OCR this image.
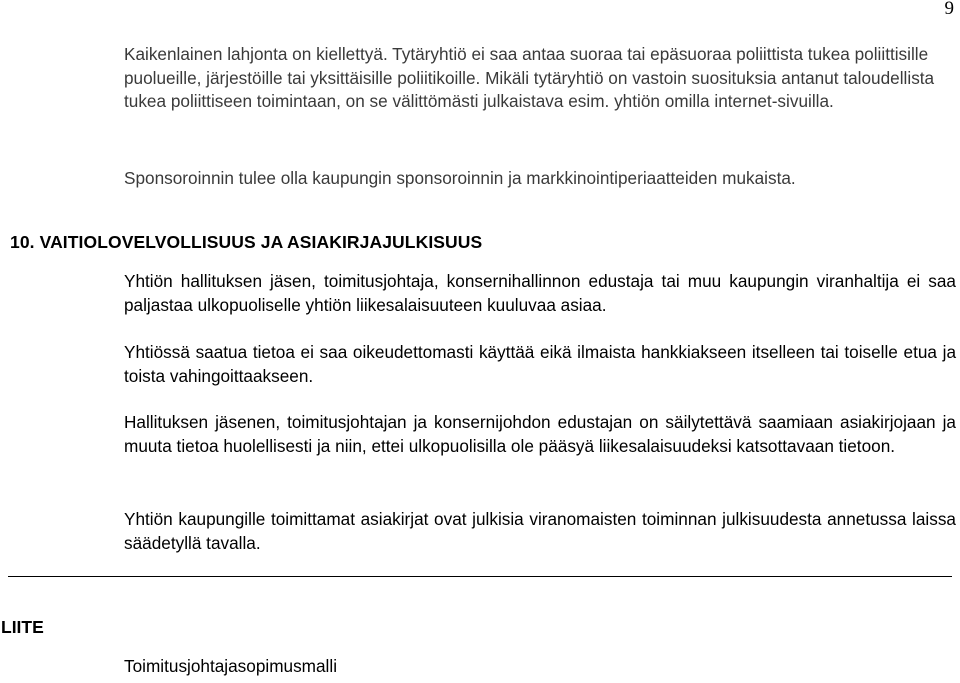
9

Kaikenlainen lahjonta on kiellettyä. Tytäryhtiö ei saa antaa suoraa tai epäsuoraa poliittista tukea poliittisille puolueille, järjestöille tai yksittäisille poliitikoille. Mikäli tytäryhtiö on vastoin suosituksia antanut taloudellista tukea poliittiseen toimintaan, on se välittömästi julkaistava esim. yhtiön omilla internet-sivuilla.

Sponsoroinnin tulee olla kaupungin sponsoroinnin ja markkinointiperiaatteiden mukaista.

10. VAITIOLOVELVOLLISUUS JA ASIAKIRJAJULKISUUS

Yhtiön hallituksen jäsen, toimitusjohtaja, konsernihallinnon edustaja tai muu kaupungin viranhaltija ei saa paljastaa ulkopuoliselle yhtiön liikesalaisuuteen kuuluvaa asiaa.

Yhtiössä saatua tietoa ei saa oikeudettomasti käyttää eikä ilmaista hankkiakseen itselleen tai toiselle etua ja toista vahingoittaakseen.

Hallituksen jäsenen, toimitusjohtajan ja konsernijohdon edustajan on säilytettävä saamiaan asiakirjojaan ja muuta tietoa huolellisesti ja niin, ettei ulkopuolisilla ole pääsyä liikesalaisuudeksi katsottavaan tietoon.

Yhtiön kaupungille toimittamat asiakirjat ovat julkisia viranomaisten toiminnan julkisuudesta annetussa laissa säädetyllä tavalla.

LIITE

Toimitusjohtajasopimusmalli
